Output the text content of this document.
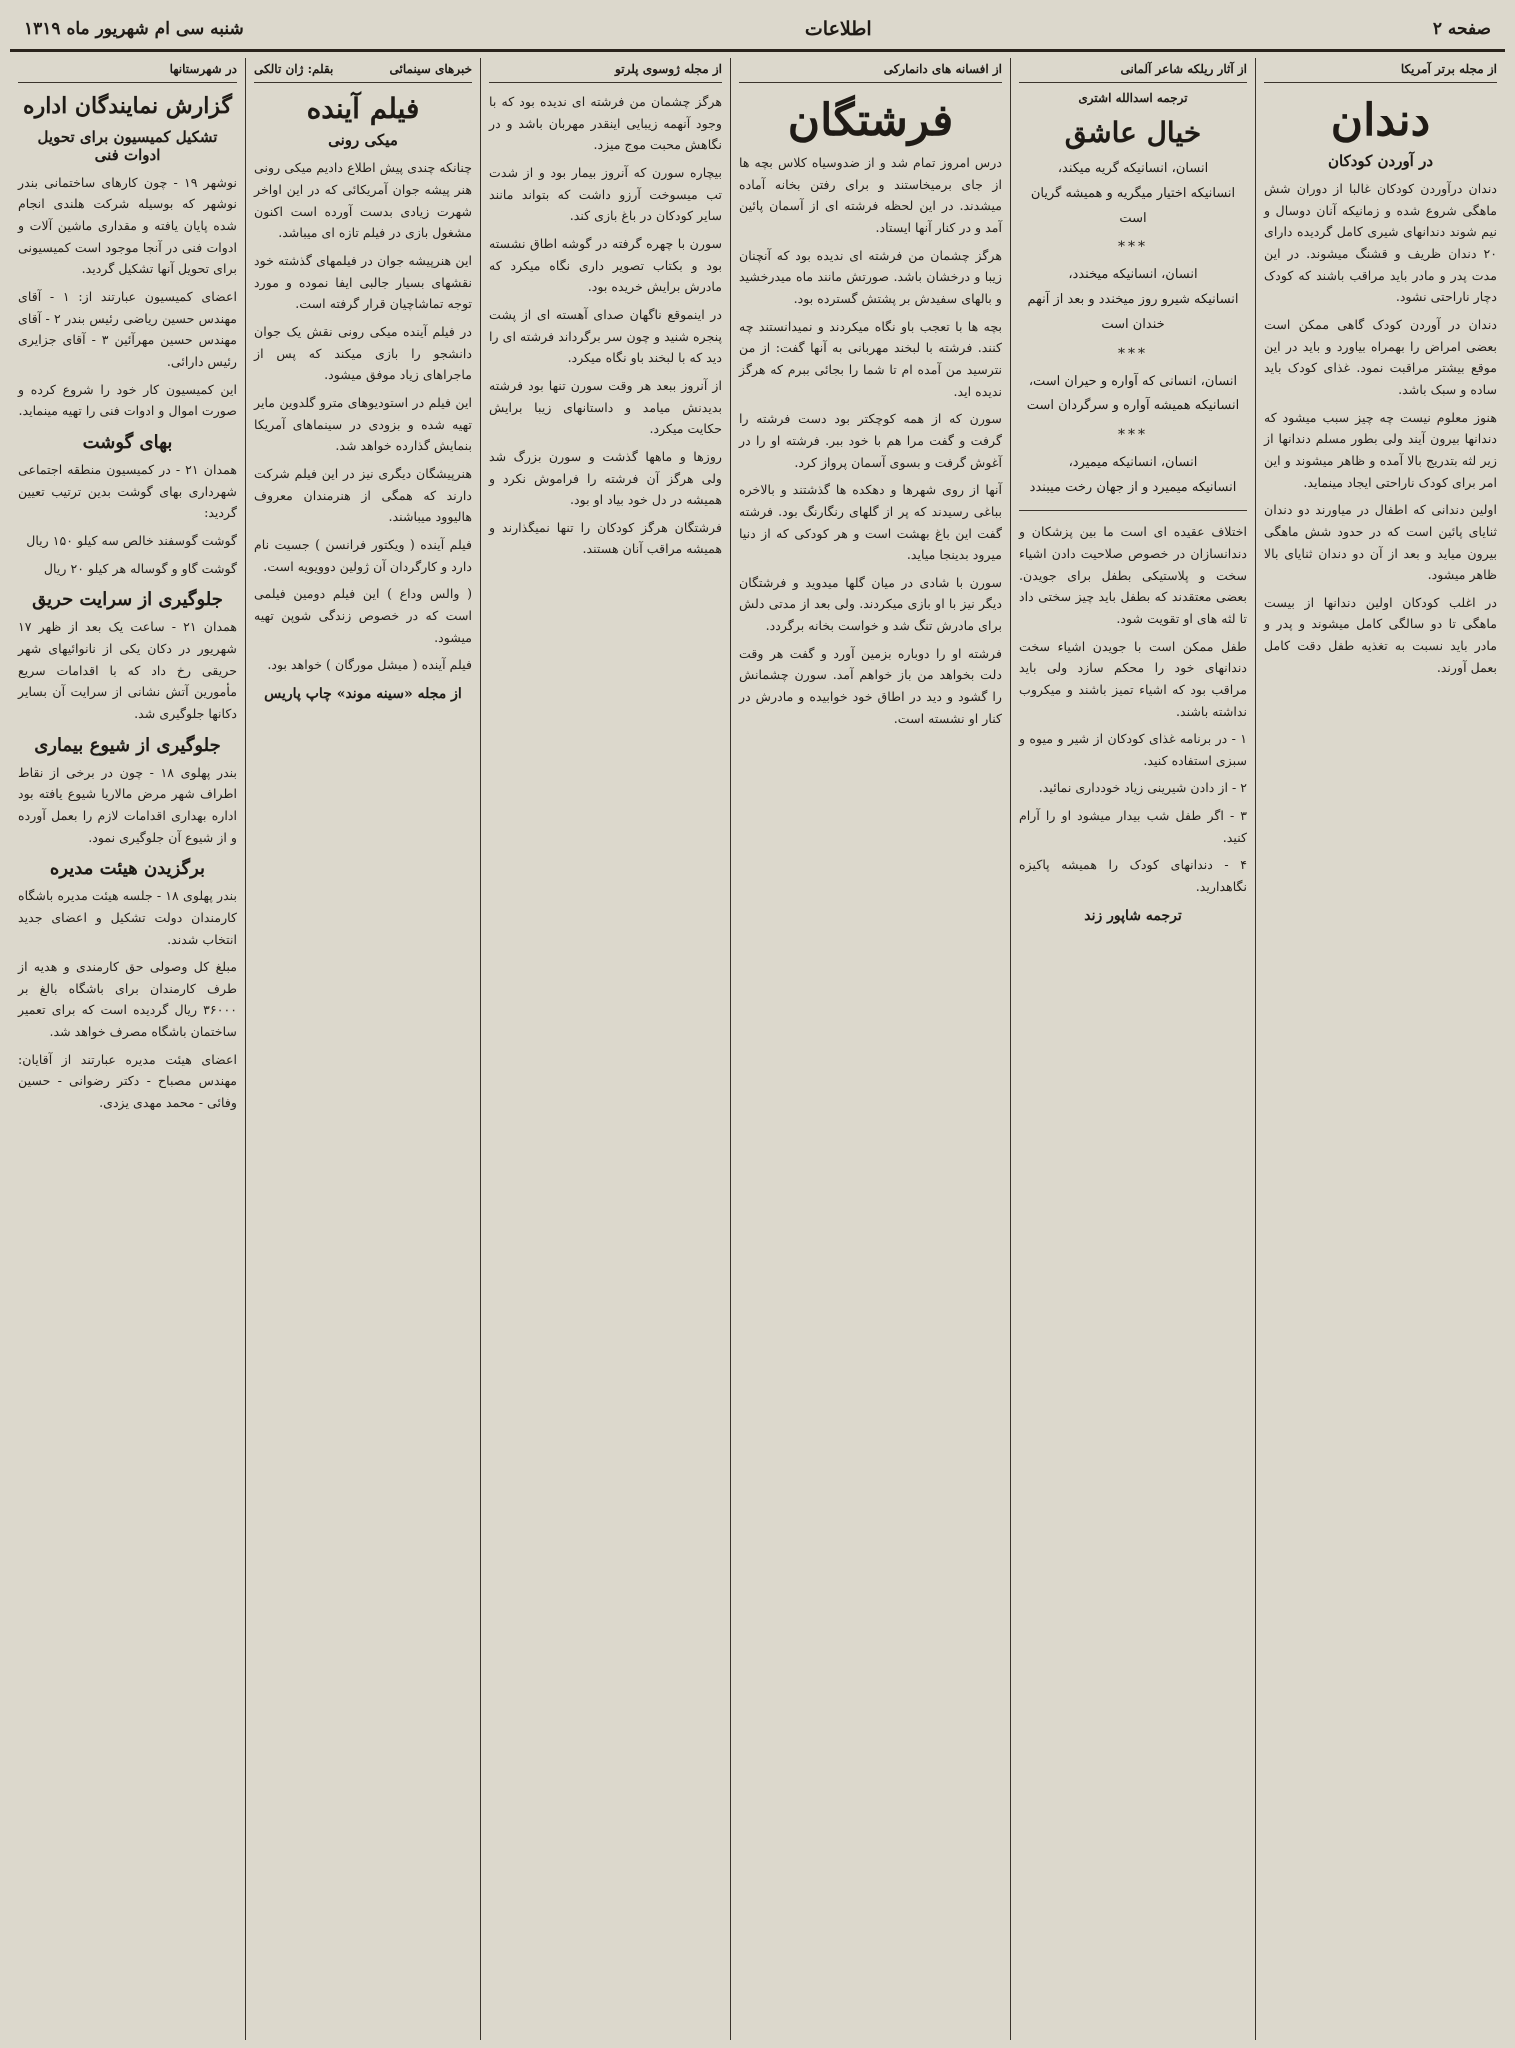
صفحه ۲
اطلاعات
شنبه سی ام شهریور ماه ۱۳۱۹
از مجله برتر آمریکا
دندان
در آوردن کودکان

دندان درآوردن کودکان غالبا از دوران شش ماهگی شروع شده و زمانیکه آنان دوسال و نیم شوند دندانهای شیری کامل گردیده دارای ۲۰ دندان ظریف و قشنگ میشوند. در این مدت پدر و مادر باید مراقب باشند که کودک دچار ناراحتی نشود.

دندان در آوردن کودک گاهی ممکن است بعضی امراض را بهمراه بیاورد و باید در این موقع بیشتر مراقبت نمود. غذای کودک باید ساده و سبک باشد.

هنوز معلوم نیست چه چیز سبب میشود که دندانها بیرون آیند ولی بطور مسلم دندانها از زیر لثه بتدریج بالا آمده و ظاهر میشوند و این امر برای کودک ناراحتی ایجاد مینماید.

اولین دندانی که اطفال در میاورند دو دندان ثنایای پائین است که در حدود شش ماهگی بیرون میاید و بعد از آن دو دندان ثنایای بالا ظاهر میشود.

در اغلب کودکان اولین دندانها از بیست ماهگی تا دو سالگی کامل میشوند و پدر و مادر باید نسبت به تغذیه طفل دقت کامل بعمل آورند.

از آثار ریلکه شاعر آلمانی
ترجمه اسدالله اشتری
خیال عاشق
انسان، انسانیکه گریه میکند،
انسانیکه اختیار میگریه و همیشه گریان
است
***
انسان، انسانیکه میخندد،
انسانیکه شیرو روز میخندد و بعد از آنهم
خندان است
***
انسان، انسانی که آواره و حیران است،
انسانیکه همیشه آواره و سرگردان است
***
انسان، انسانیکه میمیرد،
انسانیکه میمیرد و از جهان رخت میبندد

اختلاف عقیده ای است ما بین پزشکان و دندانسازان در خصوص صلاحیت دادن اشیاء سخت و پلاستیکی بطفل برای جویدن. بعضی معتقدند که بطفل باید چیز سختی داد تا لثه های او تقویت شود.

طفل ممکن است با جویدن اشیاء سخت دندانهای خود را محکم سازد ولی باید مراقب بود که اشیاء تمیز باشند و میکروب نداشته باشند.

۱ - در برنامه غذای کودکان از شیر و میوه و سبزی استفاده کنید.

۲ - از دادن شیرینی زیاد خودداری نمائید.

۳ - اگر طفل شب بیدار میشود او را آرام کنید.

۴ - دندانهای کودک را همیشه پاکیزه نگاهدارید.

ترجمه شاپور زند
از افسانه های دانمارکی
فرشتگان

درس امروز تمام شد و از ضدوسیاه کلاس بچه ها از جای برمیخاستند و برای رفتن بخانه آماده میشدند. در این لحظه فرشته ای از آسمان پائین آمد و در کنار آنها ایستاد.

هرگز چشمان من فرشته ای ندیده بود که آنچنان زیبا و درخشان باشد. صورتش مانند ماه میدرخشید و بالهای سفیدش بر پشتش گسترده بود.

بچه ها با تعجب باو نگاه میکردند و نمیدانستند چه کنند. فرشته با لبخند مهربانی به آنها گفت: از من نترسید من آمده ام تا شما را بجائی ببرم که هرگز ندیده اید.

سورن که از همه کوچکتر بود دست فرشته را گرفت و گفت مرا هم با خود ببر. فرشته او را در آغوش گرفت و بسوی آسمان پرواز کرد.

آنها از روی شهرها و دهکده ها گذشتند و بالاخره بباغی رسیدند که پر از گلهای رنگارنگ بود. فرشته گفت این باغ بهشت است و هر کودکی که از دنیا میرود بدینجا میاید.

سورن با شادی در میان گلها میدوید و فرشتگان دیگر نیز با او بازی میکردند. ولی بعد از مدتی دلش برای مادرش تنگ شد و خواست بخانه برگردد.

فرشته او را دوباره بزمین آورد و گفت هر وقت دلت بخواهد من باز خواهم آمد. سورن چشمانش را گشود و دید در اطاق خود خوابیده و مادرش در کنار او نشسته است.

از مجله ژوسوی پلرتو

هرگز چشمان من فرشته ای ندیده بود که با وجود آنهمه زیبایی اینقدر مهربان باشد و در نگاهش محبت موج میزد.

بیچاره سورن که آنروز بیمار بود و از شدت تب میسوخت آرزو داشت که بتواند مانند سایر کودکان در باغ بازی کند.

سورن با چهره گرفته در گوشه اطاق نشسته بود و بکتاب تصویر داری نگاه میکرد که مادرش برایش خریده بود.

در اینموقع ناگهان صدای آهسته ای از پشت پنجره شنید و چون سر برگرداند فرشته ای را دید که با لبخند باو نگاه میکرد.

از آنروز ببعد هر وقت سورن تنها بود فرشته بدیدنش میامد و داستانهای زیبا برایش حکایت میکرد.

روزها و ماهها گذشت و سورن بزرگ شد ولی هرگز آن فرشته را فراموش نکرد و همیشه در دل خود بیاد او بود.

فرشتگان هرگز کودکان را تنها نمیگذارند و همیشه مراقب آنان هستند.

خبرهای سینمائی
بقلم: ژان تالکی
فیلم آینده
میکی رونی

چنانکه چندی پیش اطلاع دادیم میکی رونی هنر پیشه جوان آمریکائی که در این اواخر شهرت زیادی بدست آورده است اکنون مشغول بازی در فیلم تازه ای میباشد.

این هنرپیشه جوان در فیلمهای گذشته خود نقشهای بسیار جالبی ایفا نموده و مورد توجه تماشاچیان قرار گرفته است.

در فیلم آینده میکی رونی نقش یک جوان دانشجو را بازی میکند که پس از ماجراهای زیاد موفق میشود.

این فیلم در استودیوهای مترو گلدوین مایر تهیه شده و بزودی در سینماهای آمریکا بنمایش گذارده خواهد شد.

هنرپیشگان دیگری نیز در این فیلم شرکت دارند که همگی از هنرمندان معروف هالیوود میباشند.

فیلم آینده ( ویکتور فرانسن ) جسیت نام دارد و کارگردان آن ژولین دوویویه است.

( والس وداع ) این فیلم دومین فیلمی است که در خصوص زندگی شوپن تهیه میشود.

فیلم آینده ( میشل مورگان ) خواهد بود.

از مجله «سینه موند» چاپ پاریس
در شهرستانها
گزارش نمایندگان اداره
تشکیل کمیسیون برای تحویل ادوات فنی

نوشهر ۱۹ - چون کارهای ساختمانی بندر نوشهر که بوسیله شرکت هلندی انجام شده پایان یافته و مقداری ماشین آلات و ادوات فنی در آنجا موجود است کمیسیونی برای تحویل آنها تشکیل گردید.

اعضای کمیسیون عبارتند از: ۱ - آقای مهندس حسین ریاضی رئیس بندر ۲ - آقای مهندس حسین مهرآئین ۳ - آقای جزایری رئیس دارائی.

این کمیسیون کار خود را شروع کرده و صورت اموال و ادوات فنی را تهیه مینماید.

بهای گوشت

همدان ۲۱ - در کمیسیون منطقه اجتماعی شهرداری بهای گوشت بدین ترتیب تعیین گردید:

گوشت گوسفند خالص سه کیلو ۱۵۰ ریال

گوشت گاو و گوساله هر کیلو ۲۰ ریال

جلوگیری از سرایت حریق

همدان ۲۱ - ساعت یک بعد از ظهر ۱۷ شهریور در دکان یکی از نانوائیهای شهر حریقی رخ داد که با اقدامات سریع مأمورین آتش نشانی از سرایت آن بسایر دکانها جلوگیری شد.

جلوگیری از شیوع بیماری

بندر پهلوی ۱۸ - چون در برخی از نقاط اطراف شهر مرض مالاریا شیوع یافته بود اداره بهداری اقدامات لازم را بعمل آورده و از شیوع آن جلوگیری نمود.

برگزیدن هیئت مدیره

بندر پهلوی ۱۸ - جلسه هیئت مدیره باشگاه کارمندان دولت تشکیل و اعضای جدید انتخاب شدند.

مبلغ کل وصولی حق کارمندی و هدیه از طرف کارمندان برای باشگاه بالغ بر ۳۶۰۰۰ ریال گردیده است که برای تعمیر ساختمان باشگاه مصرف خواهد شد.

اعضای هیئت مدیره عبارتند از آقایان: مهندس مصباح - دکتر رضوانی - حسین وفائی - محمد مهدی یزدی.
